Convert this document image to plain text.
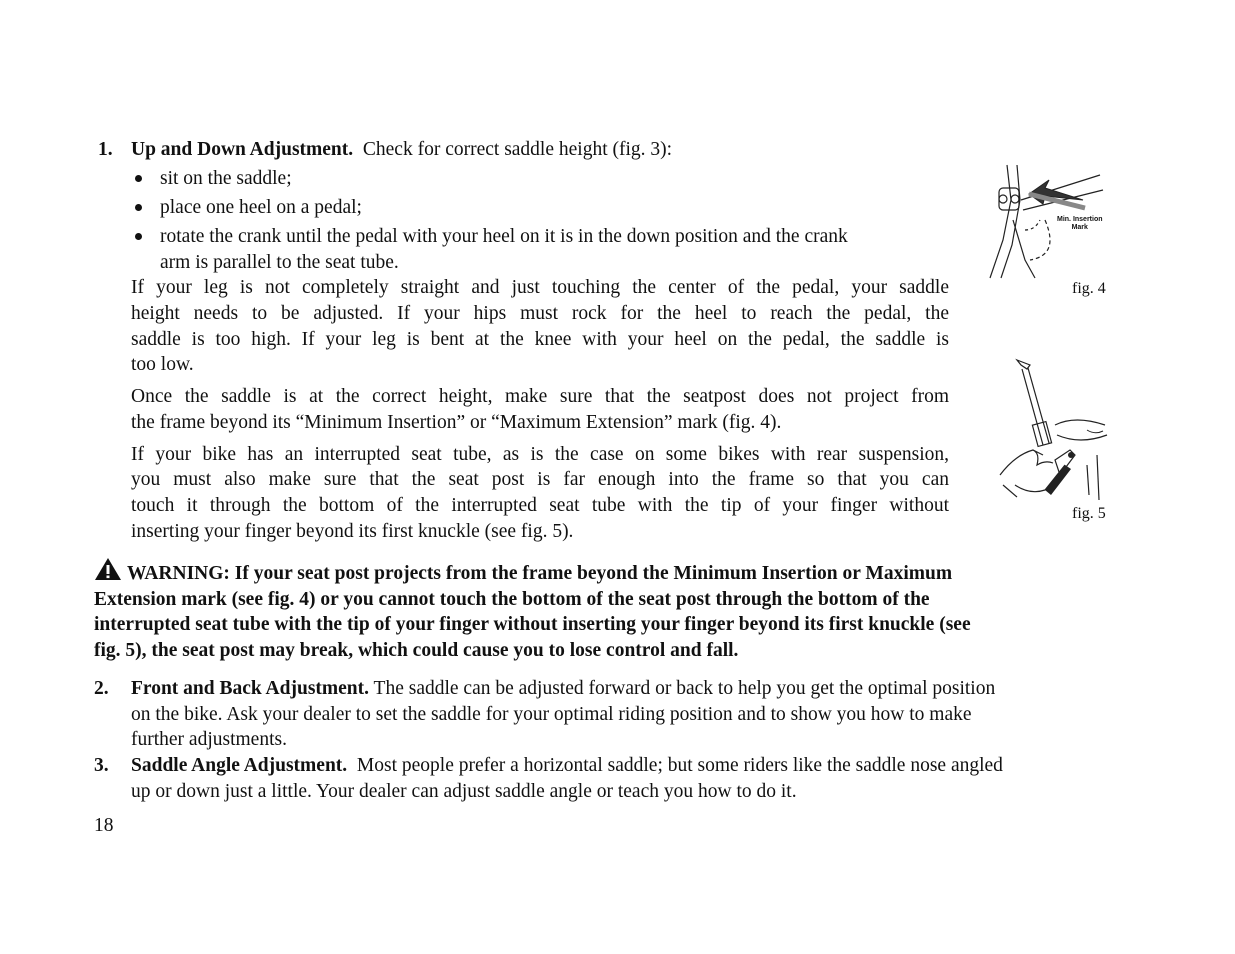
1. Up and Down Adjustment. Check for correct saddle height (fig. 3):
sit on the saddle;
place one heel on a pedal;
rotate the crank until the pedal with your heel on it is in the down position and the crank
arm is parallel to the seat tube.
If your leg is not completely straight and just touching the center of the pedal, your saddle
height needs to be adjusted. If your hips must rock for the heel to reach the pedal, the
saddle is too high. If your leg is bent at the knee with your heel on the pedal, the saddle is
too low.
Once the saddle is at the correct height, make sure that the seatpost does not project from
the frame beyond its “Minimum Insertion” or “Maximum Extension” mark (fig. 4).
If your bike has an interrupted seat tube, as is the case on some bikes with rear suspension,
you must also make sure that the seat post is far enough into the frame so that you can
touch it through the bottom of the interrupted seat tube with the tip of your finger without
inserting your finger beyond its first knuckle (see fig. 5).
Min. Insertion
Mark
fig. 4
fig. 5
WARNING: If your seat post projects from the frame beyond the Minimum Insertion or Maximum
Extension mark (see fig. 4) or you cannot touch the bottom of the seat post through the bottom of the
interrupted seat tube with the tip of your finger without inserting your finger beyond its first knuckle (see
fig. 5), the seat post may break, which could cause you to lose control and fall.
2. Front and Back Adjustment. The saddle can be adjusted forward or back to help you get the optimal position
on the bike. Ask your dealer to set the saddle for your optimal riding position and to show you how to make
further adjustments.
3. Saddle Angle Adjustment. Most people prefer a horizontal saddle; but some riders like the saddle nose angled
up or down just a little. Your dealer can adjust saddle angle or teach you how to do it.
18
